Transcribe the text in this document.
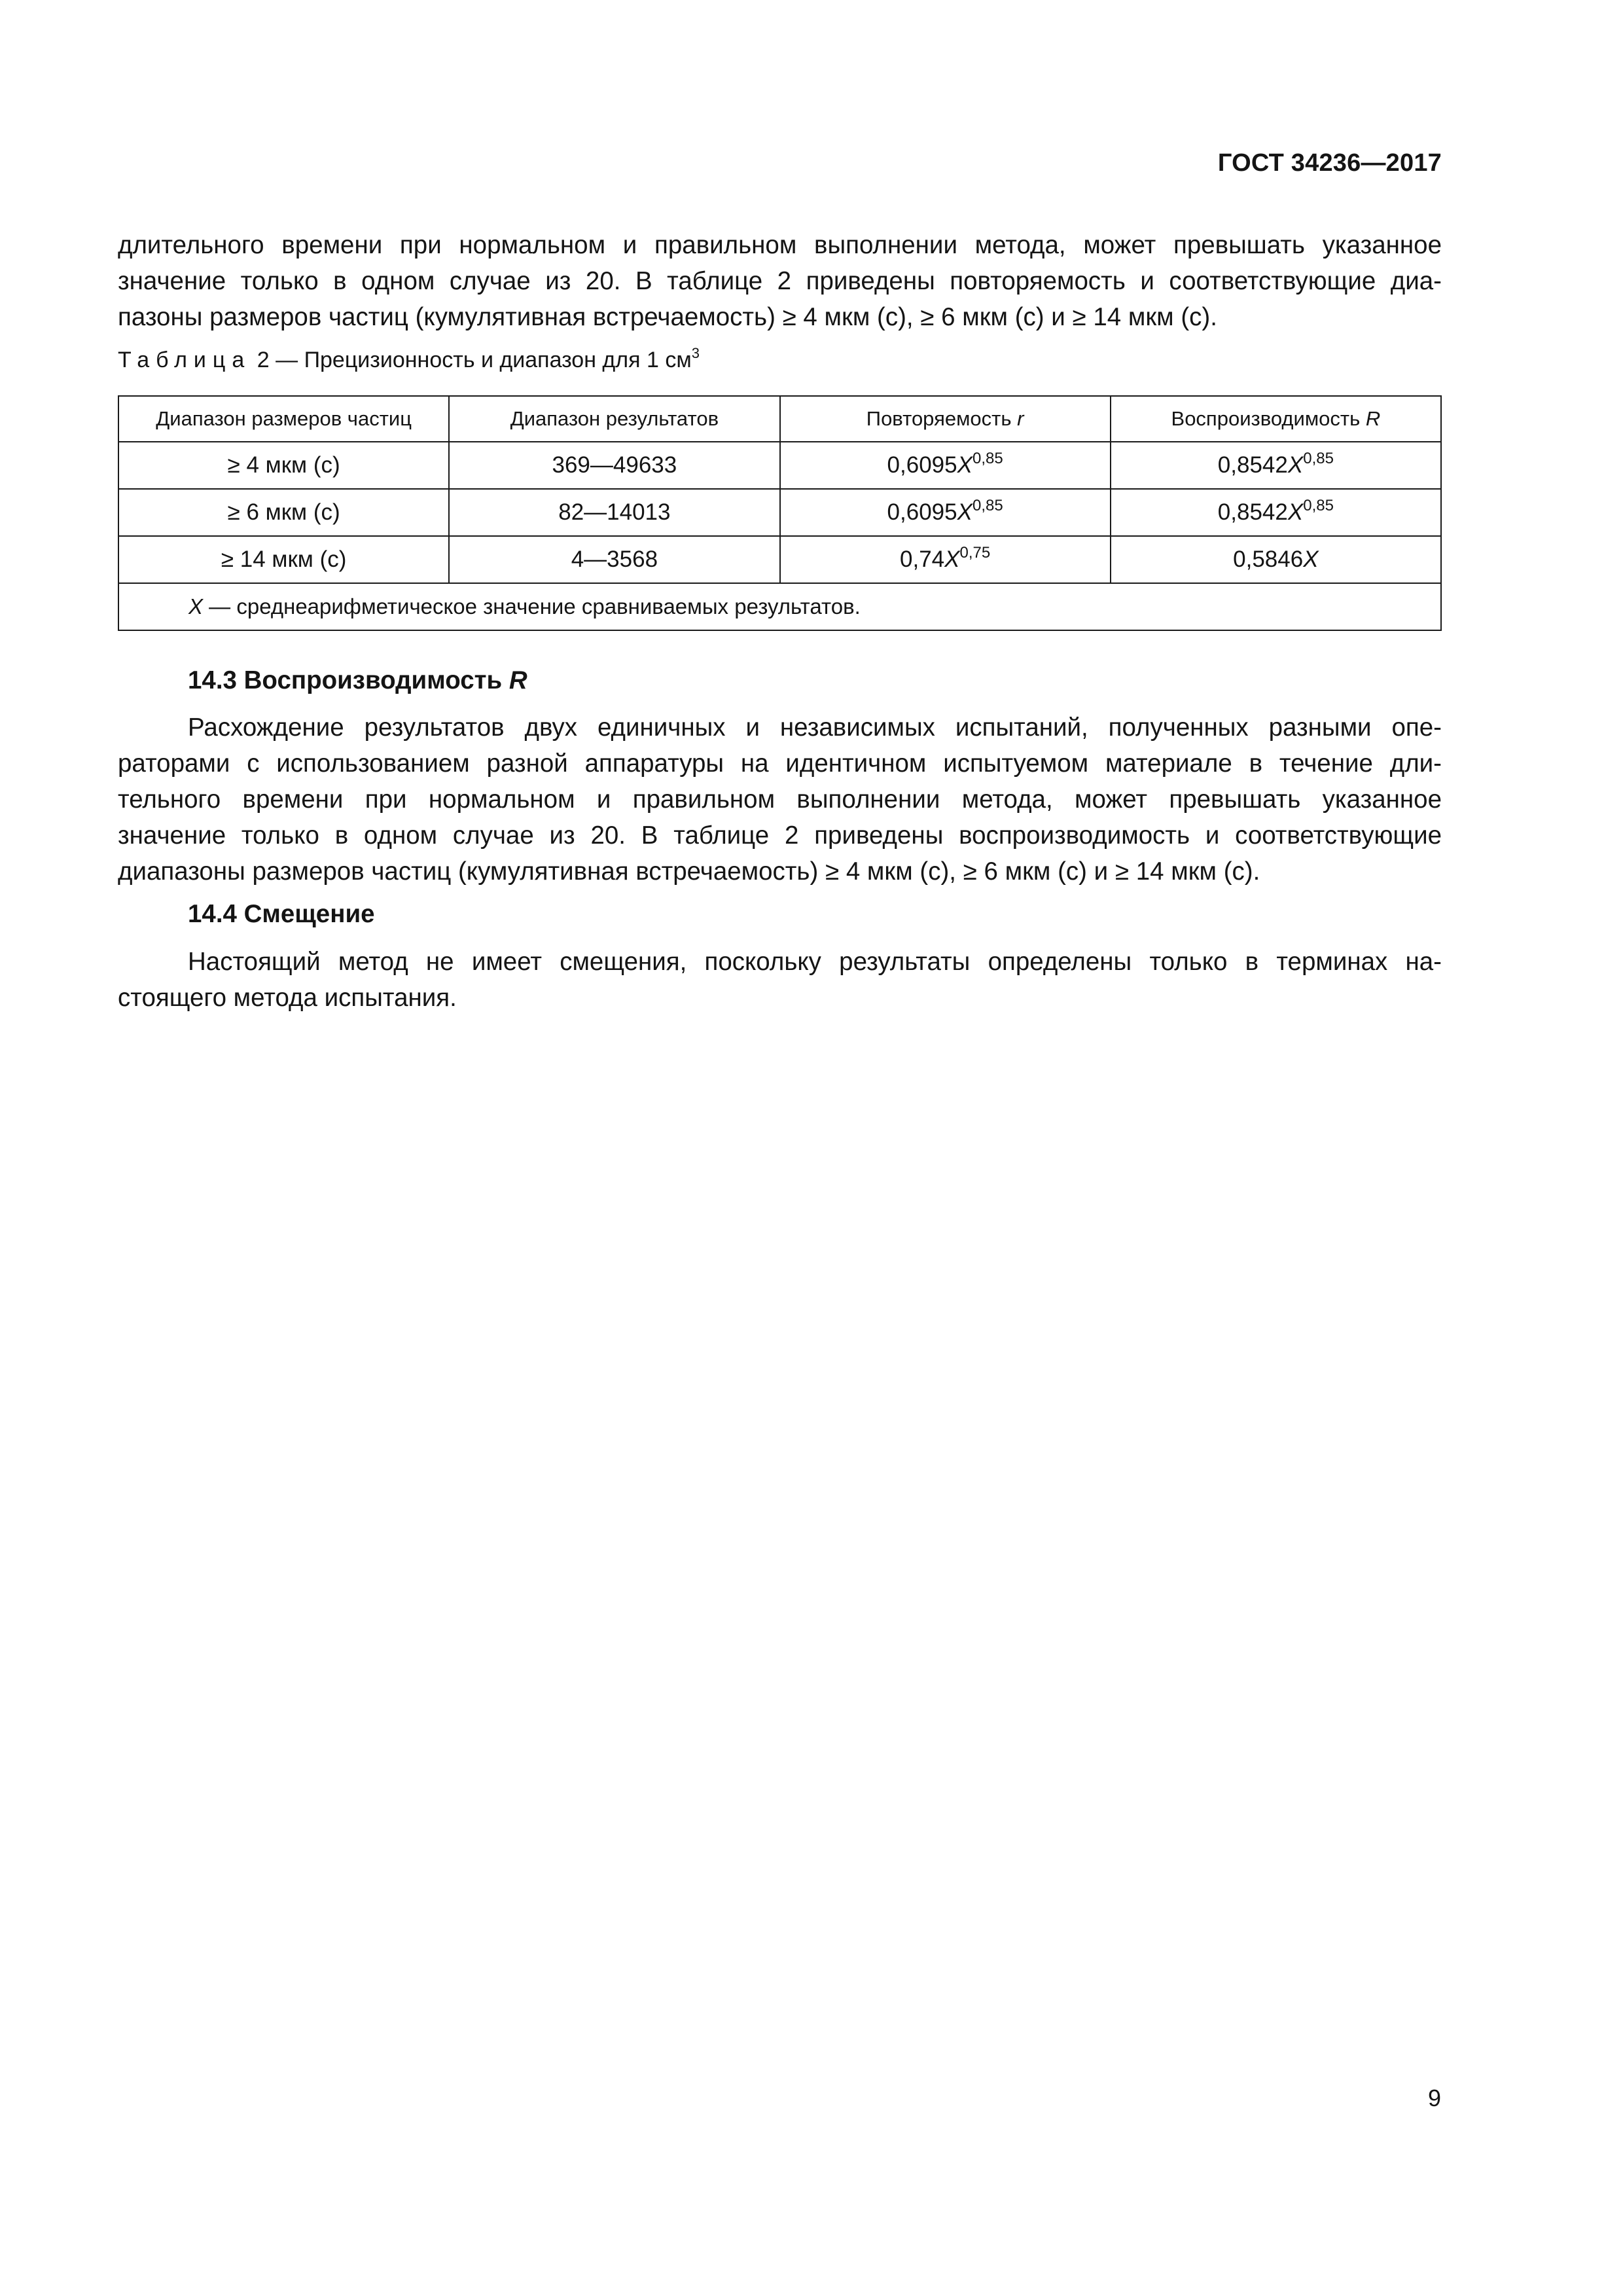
ГОСТ 34236—2017
длительного времени при нормальном и правильном выполнении метода, может превышать указанное
значение только в одном случае из 20. В таблице 2 приведены повторяемость и соответствующие диа-
пазоны размеров частиц (кумулятивная встречаемость) ≥ 4 мкм (c), ≥ 6 мкм (c) и ≥ 14 мкм (c).
Таблица 2 — Прецизионность и диапазон для 1 $см^3$
Диапазон размеров частиц	Диапазон результатов	Повторяемость r	Воспроизводимость R
≥ 4 мкм (c)	369—49633	$0,6095X^{0,85}$	$0,8542X^{0,85}$
≥ 6 мкм (c)	82—14013	$0,6095X^{0,85}$	$0,8542X^{0,85}$
≥ 14 мкм (c)	4—3568	$0,74X^{0,75}$	0,5846X
X — среднеарифметическое значение сравниваемых результатов.			
14.3 Воспроизводимость R
Расхождение результатов двух единичных и независимых испытаний, полученных разными опе-
раторами с использованием разной аппаратуры на идентичном испытуемом материале в течение дли-
тельного времени при нормальном и правильном выполнении метода, может превышать указанное
значение только в одном случае из 20. В таблице 2 приведены воспроизводимость и соответствующие
диапазоны размеров частиц (кумулятивная встречаемость) ≥ 4 мкм (c), ≥ 6 мкм (c) и ≥ 14 мкм (c).
14.4 Смещение
Настоящий метод не имеет смещения, поскольку результаты определены только в терминах на-
стоящего метода испытания.
9
